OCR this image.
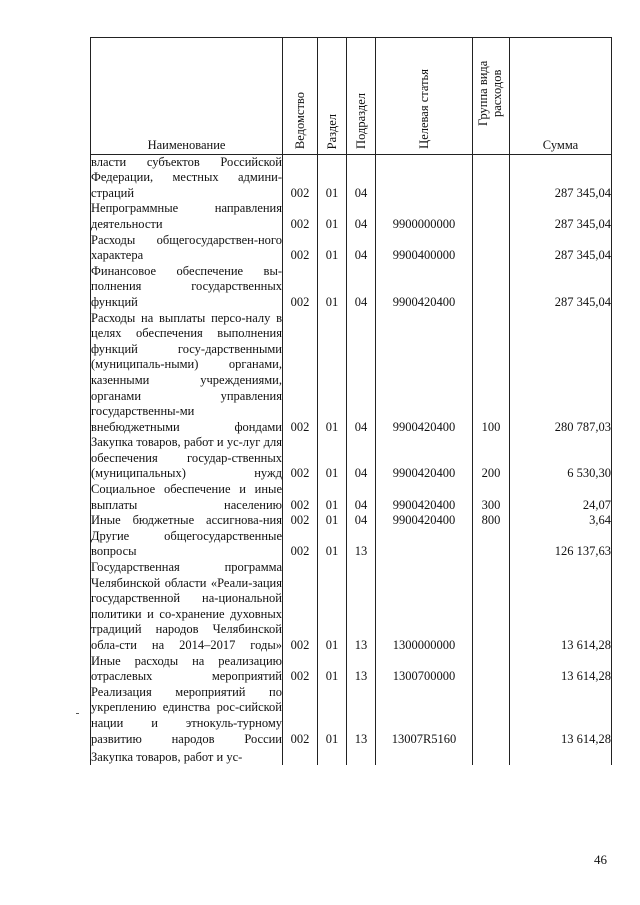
Наименование	Ведомство	Раздел	Подраздел	Целевая статья	Группа вида расходов	Сумма
власти субъектов Российской Федерации, местных админи-страций	002	01	04			287 345,04
Непрограммные направления деятельности	002	01	04	9900000000		287 345,04
Расходы общегосударствен-ного характера	002	01	04	9900400000		287 345,04
Финансовое обеспечение вы-полнения государственных функций	002	01	04	9900420400		287 345,04
Расходы на выплаты персо-налу в целях обеспечения выполнения функций госу-дарственными (муниципаль-ными) органами, казенными учреждениями, органами управления государственны-ми внебюджетными фондами	002	01	04	9900420400	100	280 787,03
Закупка товаров, работ и ус-луг для обеспечения государ-ственных (муниципальных) нужд	002	01	04	9900420400	200	6 530,30
Социальное обеспечение и иные выплаты населению	002	01	04	9900420400	300	24,07
Иные бюджетные ассигнова-ния	002	01	04	9900420400	800	3,64
Другие общегосударственные вопросы	002	01	13			126 137,63
Государственная программа Челябинской области «Реали-зация государственной на-циональной политики и со-хранение духовных традиций народов Челябинской обла-сти на 2014–2017 годы»	002	01	13	1300000000		13 614,28
Иные расходы на реализацию отраслевых мероприятий	002	01	13	1300700000		13 614,28
Реализация мероприятий по укреплению единства рос-сийской нации и этнокуль-турному развитию народов России	002	01	13	13007R5160		13 614,28
Закупка товаров, работ и ус-						
46
